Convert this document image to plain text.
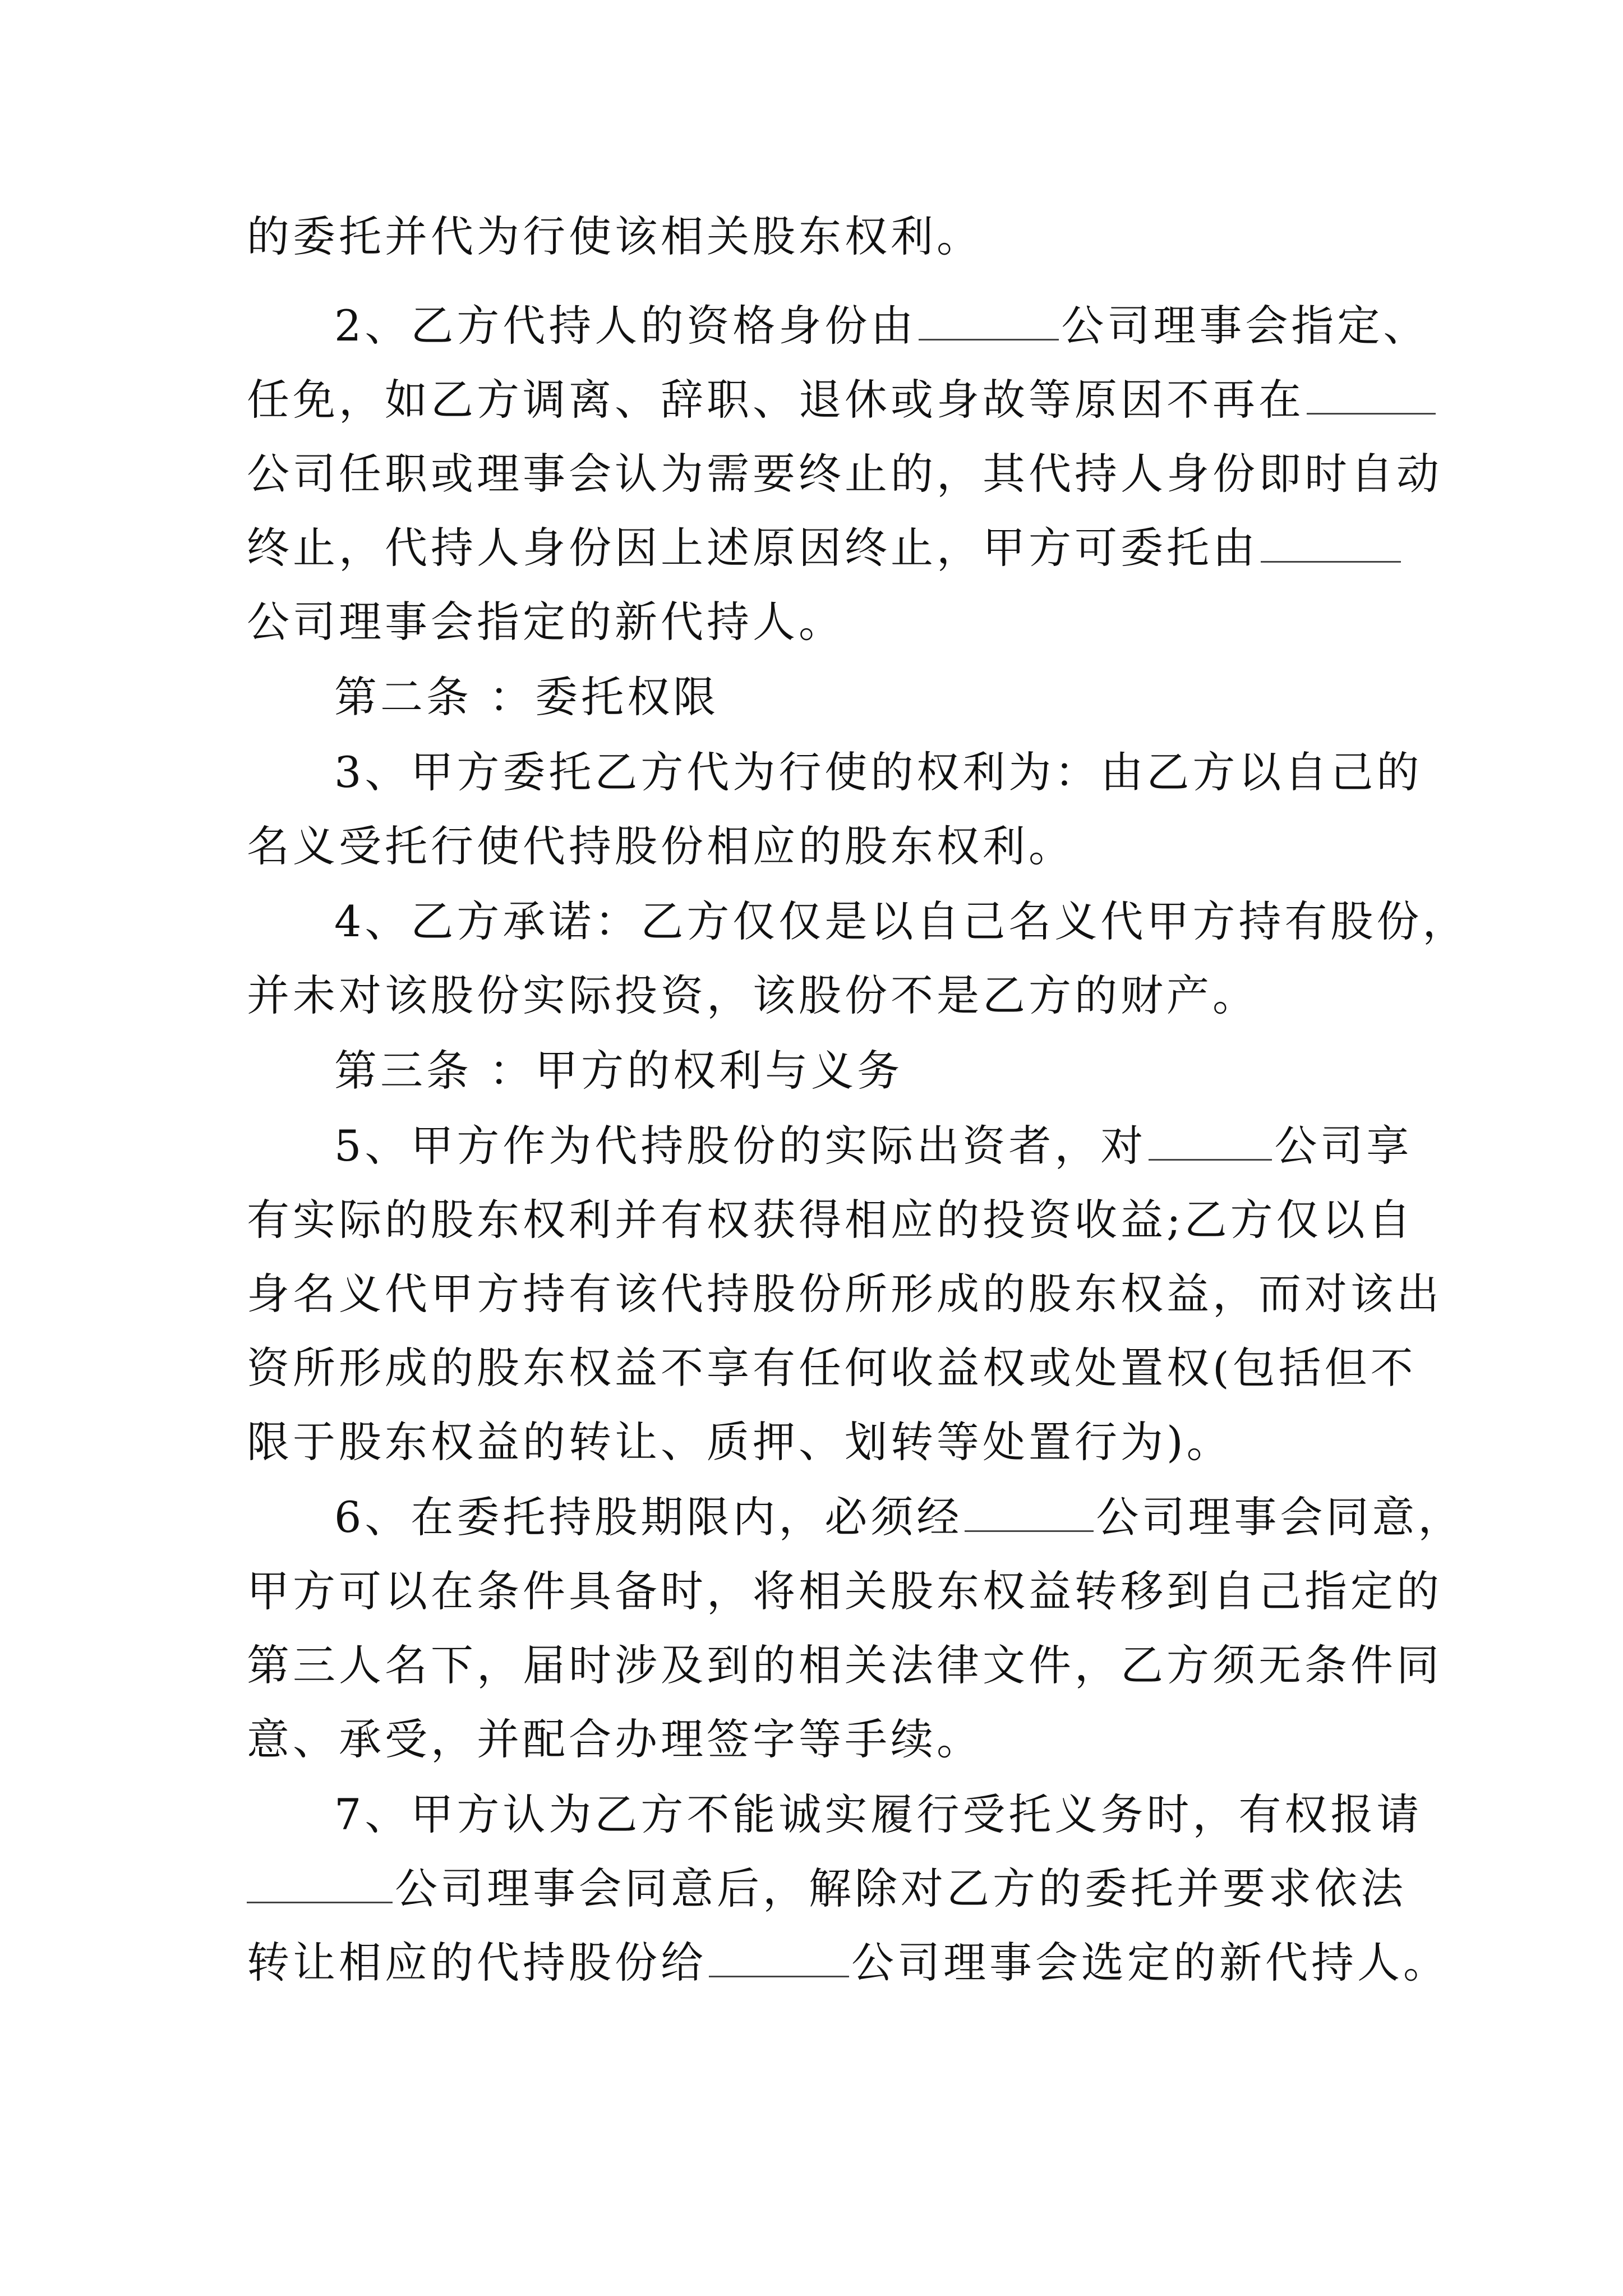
的委托并代为行使该相关股东权利。
2、乙方代持人的资格身份由	公司理事会指定、
任免，如乙方调离、辞职、退休或身故等原因不再在
公司任职或理事会认为需要终止的，其代持人身份即时自动
终止，代持人身份因上述原因终止，甲方可委托由
公司理事会指定的新代持人。
第二条 ：委托权限
3、甲方委托乙方代为行使的权利为：由乙方以自己的
名义受托行使代持股份相应的股东权利。
4、乙方承诺：乙方仅仅是以自己名义代甲方持有股份，
并未对该股份实际投资，该股份不是乙方的财产。
第三条 ：甲方的权利与义务
5、甲方作为代持股份的实际出资者，对	公司享
有实际的股东权利并有权获得相应的投资收益;乙方仅以自
身名义代甲方持有该代持股份所形成的股东权益，而对该出
资所形成的股东权益不享有任何收益权或处置权(包括但不
限于股东权益的转让、质押、划转等处置行为)。
6、在委托持股期限内，必须经	公司理事会同意，
甲方可以在条件具备时，将相关股东权益转移到自己指定的
第三人名下，届时涉及到的相关法律文件，乙方须无条件同
意、承受，并配合办理签字等手续。
7、甲方认为乙方不能诚实履行受托义务时，有权报请
公司理事会同意后，解除对乙方的委托并要求依法
转让相应的代持股份给	公司理事会选定的新代持人。
